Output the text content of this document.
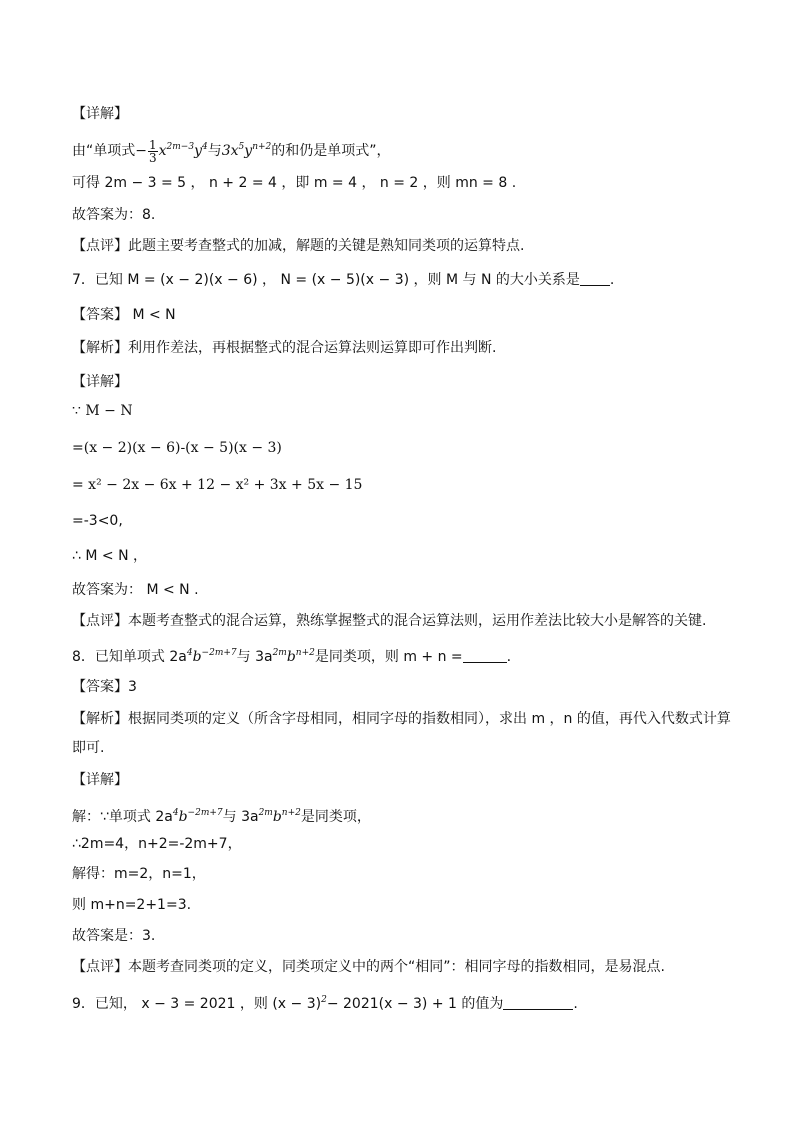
【详解】
由“单项式− $\frac{1}{3} x^{2m-3}y^4$与$3x^5y^{n+2}$的和仍是单项式”，
可得 2m − 3 = 5 ， n + 2 = 4 ，即 m = 4 ， n = 2 ，则 mn = 8 .
故答案为：8.
【点评】此题主要考查整式的加减，解题的关键是熟知同类项的运算特点.
7．已知 M = (x − 2)(x − 6) ， N = (x − 5)(x − 3) ，则 M 与 N 的大小关系是 .
【答案】 M < N
【解析】利用作差法，再根据整式的混合运算法则运算即可作出判断.
【详解】
∵ M − N
=(x − 2)(x − 6)-(x − 5)(x − 3)
= x² − 2x − 6x + 12 − x² + 3x + 5x − 15
=-3<0,
∴ M < N ，
故答案为： M < N .
【点评】本题考查整式的混合运算，熟练掌握整式的混合运算法则，运用作差法比较大小是解答的关键.
8．已知单项式 $2a^4b^{-2m+7}$与 $3a^{2m}b^{n+2}$是同类项，则 m + n =	.
【答案】3
【解析】根据同类项的定义（所含字母相同，相同字母的指数相同），求出 m ，n 的值，再代入代数式计算
即可.
【详解】
解：∵单项式 $2a^4b^{-2m+7}$与 $3a^{2m}b^{n+2}$是同类项，
∴2m=4，n+2=-2m+7，
解得：m=2，n=1，
则 m+n=2+1=3.
故答案是：3.
【点评】本题考查同类项的定义，同类项定义中的两个“相同”：相同字母的指数相同，是易混点.
9．已知， x − 3 = 2021 ，则 $(x - 3)^2- 2021(x - 3) + 1$ 的值为	.
